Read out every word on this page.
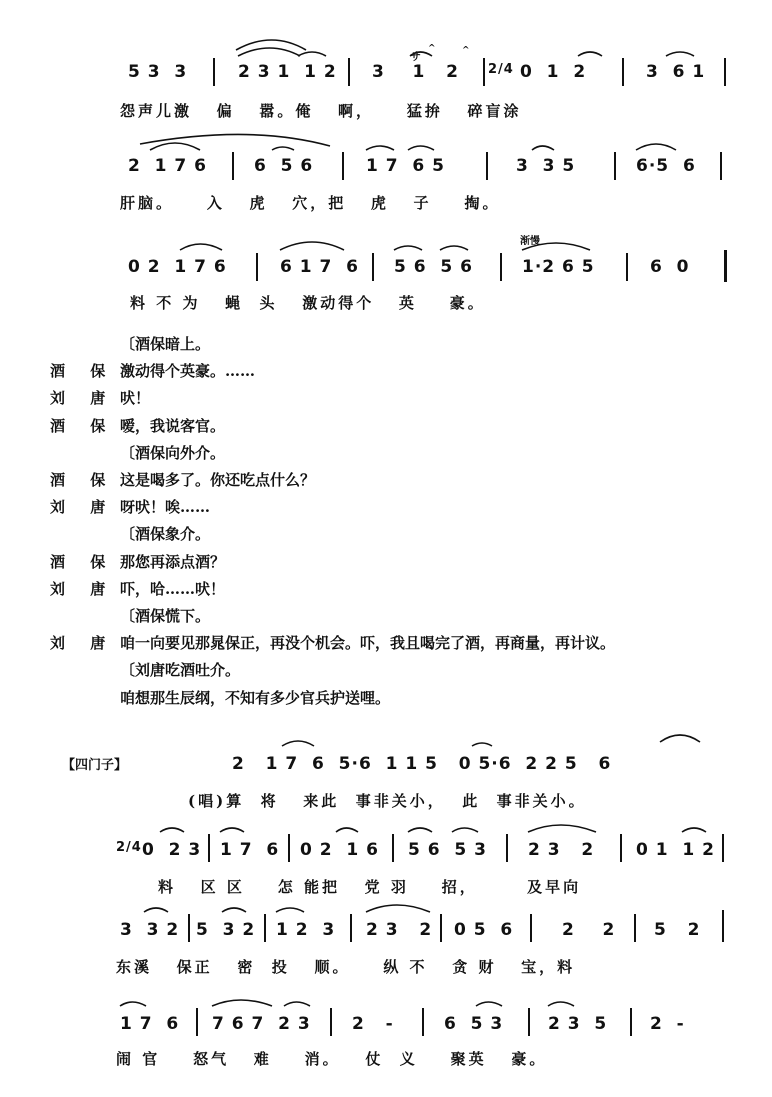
5 3  3	2 3 1  1 2 3    1   2
サ
^	^
2/4 0  1  2	3  6 1
怨声儿激   偏   嚣。俺   啊，    猛拚   碎盲涂
2  1 7 6	6  5 6	1 7  6 5	3  3 5	6·5  6
肝脑。    入   虎   穴，把   虎   子    掏。
0 2  1 7 6	6 1 7  6 5 6  5 6
渐慢
1·2 6 5	6  0
料 不 为   蝇  头   激动得个   英    豪。
〔酒保暗上。
酒 保 激动得个英豪。……
刘 唐 吠！
酒 保 嗳，我说客官。
〔酒保向外介。
酒 保 这是喝多了。你还吃点什么？
刘 唐 呀吠！唉……
〔酒保象介。
酒 保 那您再添点酒？
刘 唐 吓，哈……吠！
〔酒保慌下。
刘 唐 咱一向要见那晁保正，再没个机会。吓，我且喝完了酒，再商量，再计议。
〔刘唐吃酒吐介。
咱想那生辰纲，不知有多少官兵护送哩。
【四门子】	2   1 7  6  5·6  1 1 5   0 5·6  2 2 5   6
(唱)算  将   来此  事非关小，  此  事非关小。
2/4 0  2 3 1 7  6 0 2  1 6 5 6  5 3 2 3   2 0 1  1 2
料   区 区    怎 能把   党 羽    招，      及早向
3  3 2 5  3 2 1 2  3 2 3   2 0 5  6	2    2 5   2
东溪   保正   密  投   顺。    纵 不   贪 财   宝，料
1 7  6 7 6 7  2 3 2   -	6  5 3	2 3  5	2  -
闹 官    怒气   难    消。   仗  义    聚英   豪。
